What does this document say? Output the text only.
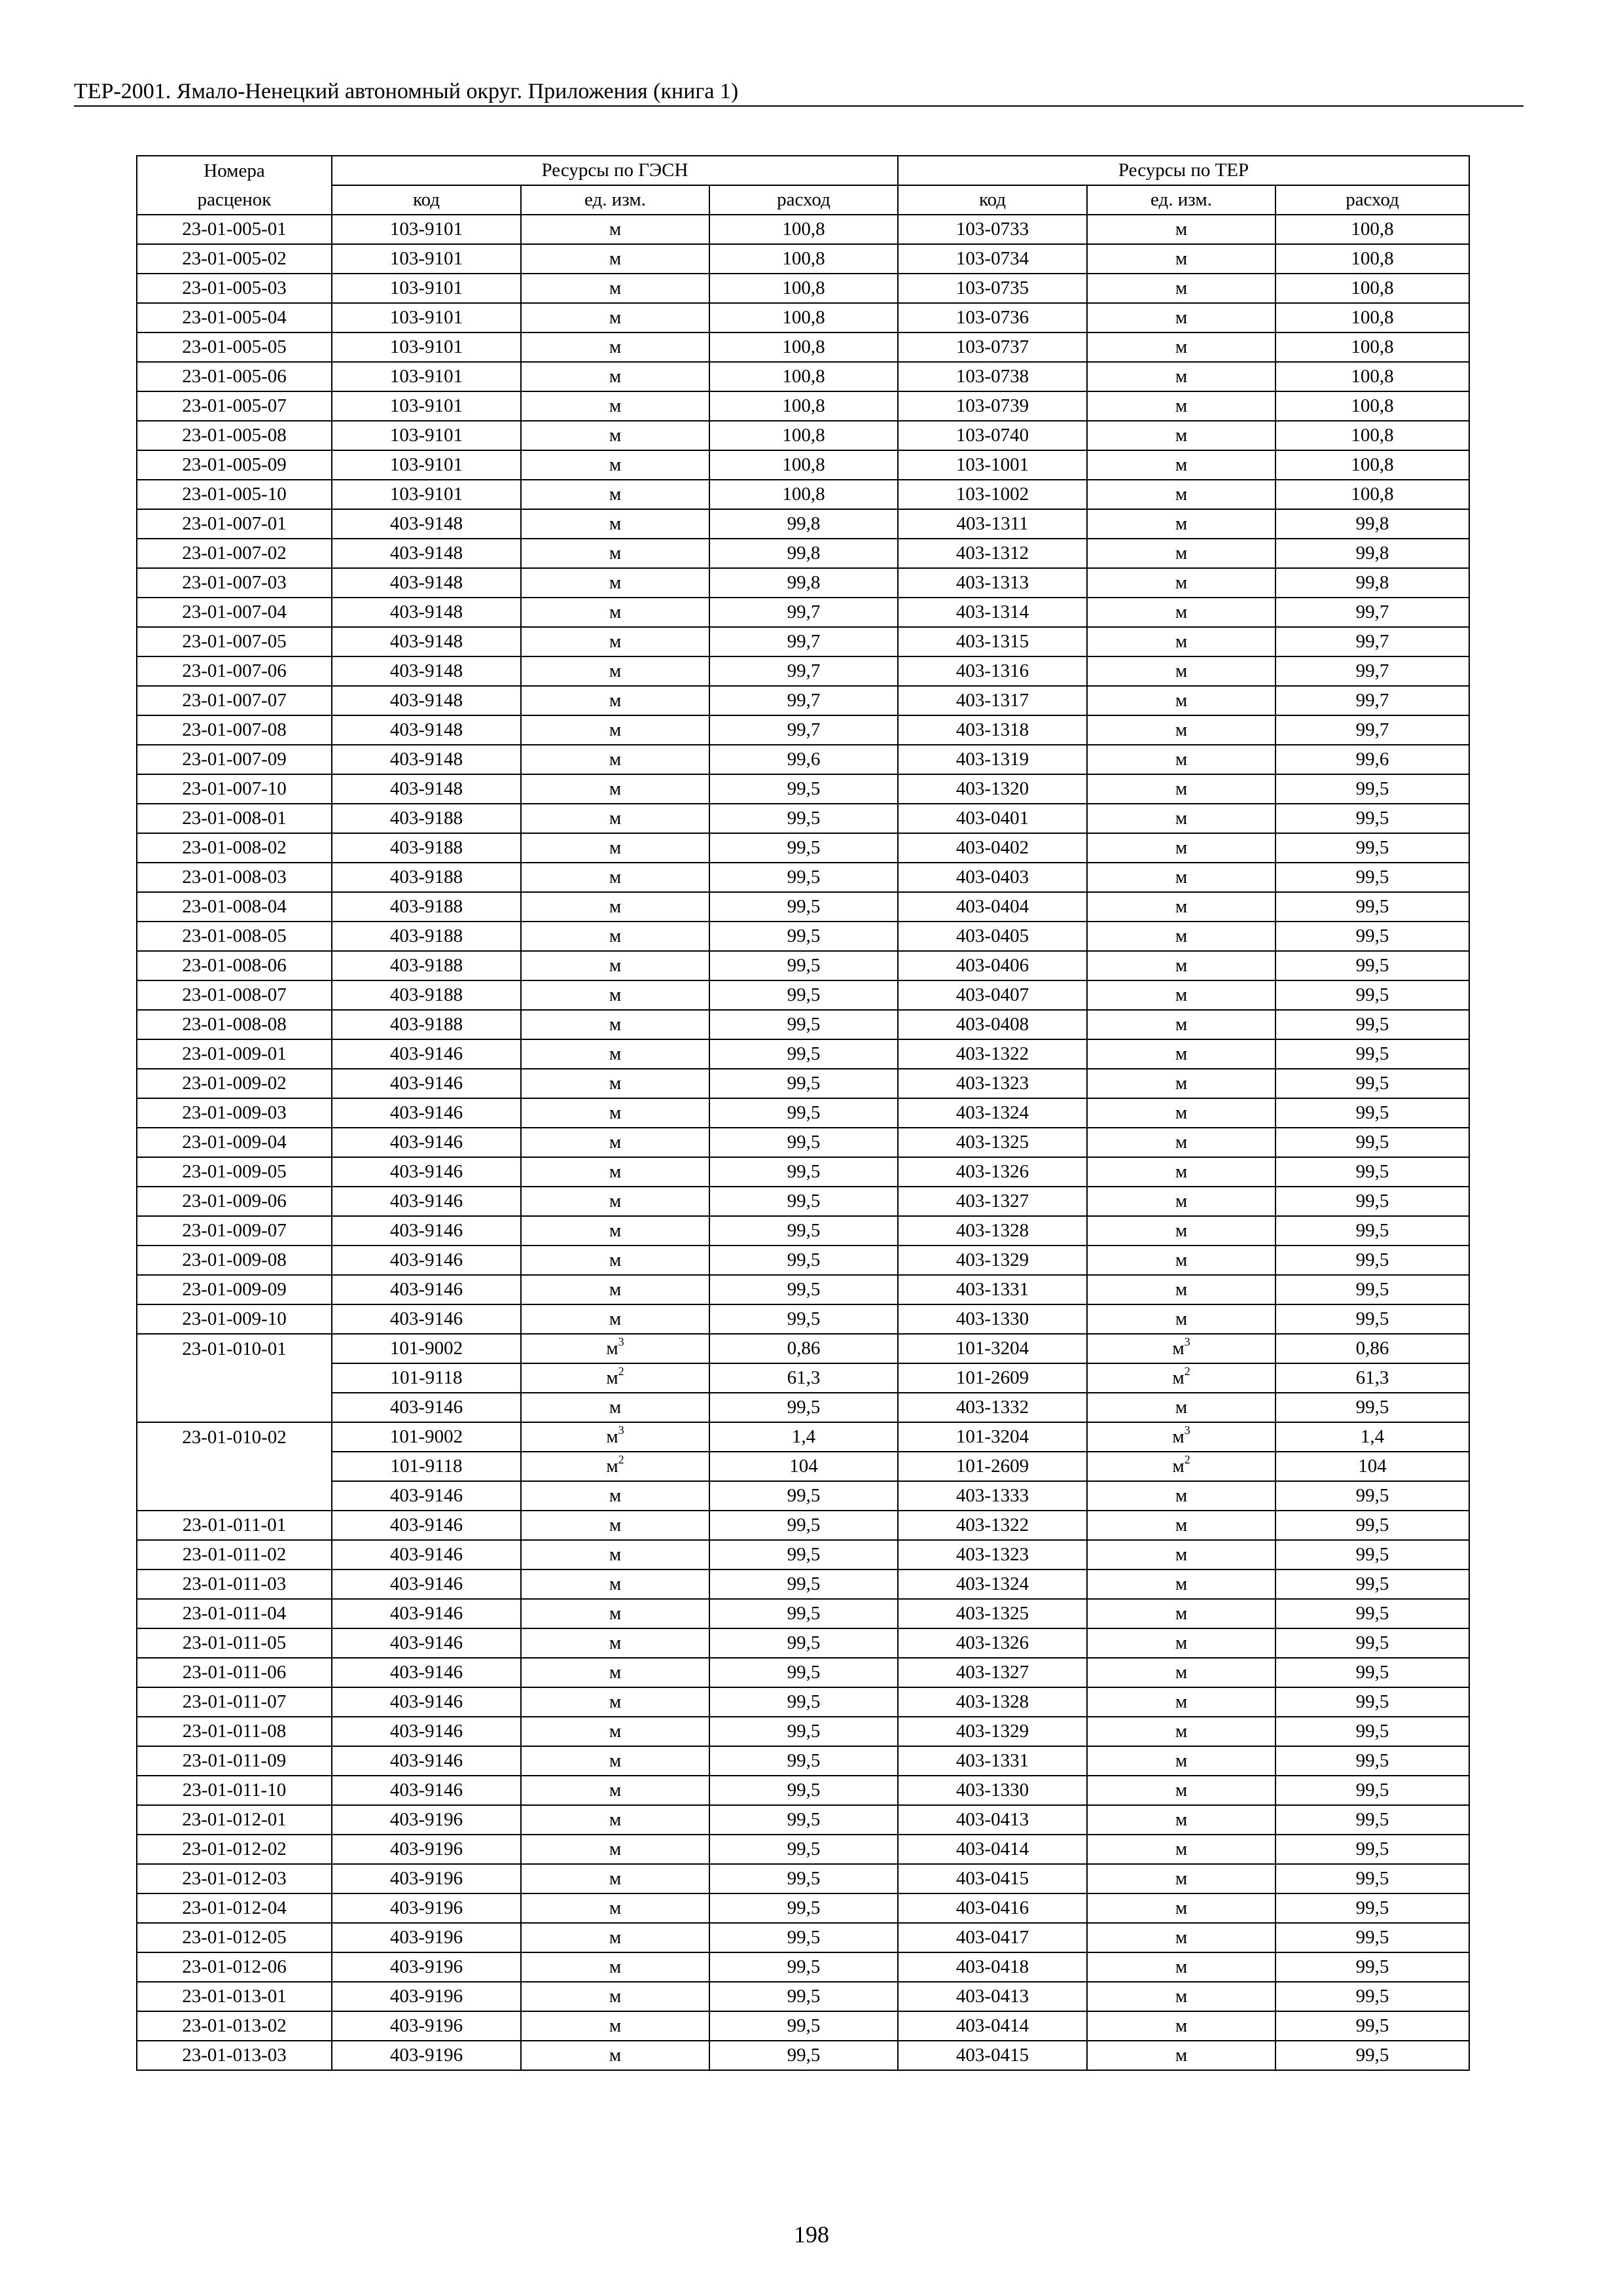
ТЕР-2001. Ямало-Ненецкий автономный округ. Приложения (книга 1)
Номера	Ресурсы по ГЭСН			Ресурсы по ТЕР		
расценок	код	ед. изм.	расход	код	ед. изм.	расход
23-01-005-01	103-9101	м	100,8	103-0733	м	100,8
23-01-005-02	103-9101	м	100,8	103-0734	м	100,8
23-01-005-03	103-9101	м	100,8	103-0735	м	100,8
23-01-005-04	103-9101	м	100,8	103-0736	м	100,8
23-01-005-05	103-9101	м	100,8	103-0737	м	100,8
23-01-005-06	103-9101	м	100,8	103-0738	м	100,8
23-01-005-07	103-9101	м	100,8	103-0739	м	100,8
23-01-005-08	103-9101	м	100,8	103-0740	м	100,8
23-01-005-09	103-9101	м	100,8	103-1001	м	100,8
23-01-005-10	103-9101	м	100,8	103-1002	м	100,8
23-01-007-01	403-9148	м	99,8	403-1311	м	99,8
23-01-007-02	403-9148	м	99,8	403-1312	м	99,8
23-01-007-03	403-9148	м	99,8	403-1313	м	99,8
23-01-007-04	403-9148	м	99,7	403-1314	м	99,7
23-01-007-05	403-9148	м	99,7	403-1315	м	99,7
23-01-007-06	403-9148	м	99,7	403-1316	м	99,7
23-01-007-07	403-9148	м	99,7	403-1317	м	99,7
23-01-007-08	403-9148	м	99,7	403-1318	м	99,7
23-01-007-09	403-9148	м	99,6	403-1319	м	99,6
23-01-007-10	403-9148	м	99,5	403-1320	м	99,5
23-01-008-01	403-9188	м	99,5	403-0401	м	99,5
23-01-008-02	403-9188	м	99,5	403-0402	м	99,5
23-01-008-03	403-9188	м	99,5	403-0403	м	99,5
23-01-008-04	403-9188	м	99,5	403-0404	м	99,5
23-01-008-05	403-9188	м	99,5	403-0405	м	99,5
23-01-008-06	403-9188	м	99,5	403-0406	м	99,5
23-01-008-07	403-9188	м	99,5	403-0407	м	99,5
23-01-008-08	403-9188	м	99,5	403-0408	м	99,5
23-01-009-01	403-9146	м	99,5	403-1322	м	99,5
23-01-009-02	403-9146	м	99,5	403-1323	м	99,5
23-01-009-03	403-9146	м	99,5	403-1324	м	99,5
23-01-009-04	403-9146	м	99,5	403-1325	м	99,5
23-01-009-05	403-9146	м	99,5	403-1326	м	99,5
23-01-009-06	403-9146	м	99,5	403-1327	м	99,5
23-01-009-07	403-9146	м	99,5	403-1328	м	99,5
23-01-009-08	403-9146	м	99,5	403-1329	м	99,5
23-01-009-09	403-9146	м	99,5	403-1331	м	99,5
23-01-009-10	403-9146	м	99,5	403-1330	м	99,5
23-01-010-01	101-9002	$м^3$	0,86	101-3204	$м^3$	0,86
	101-9118	$м^2$	61,3	101-2609	$м^2$	61,3
	403-9146	м	99,5	403-1332	м	99,5
23-01-010-02	101-9002	$м^3$	1,4	101-3204	$м^3$	1,4
	101-9118	$м^2$	104	101-2609	$м^2$	104
	403-9146	м	99,5	403-1333	м	99,5
23-01-011-01	403-9146	м	99,5	403-1322	м	99,5
23-01-011-02	403-9146	м	99,5	403-1323	м	99,5
23-01-011-03	403-9146	м	99,5	403-1324	м	99,5
23-01-011-04	403-9146	м	99,5	403-1325	м	99,5
23-01-011-05	403-9146	м	99,5	403-1326	м	99,5
23-01-011-06	403-9146	м	99,5	403-1327	м	99,5
23-01-011-07	403-9146	м	99,5	403-1328	м	99,5
23-01-011-08	403-9146	м	99,5	403-1329	м	99,5
23-01-011-09	403-9146	м	99,5	403-1331	м	99,5
23-01-011-10	403-9146	м	99,5	403-1330	м	99,5
23-01-012-01	403-9196	м	99,5	403-0413	м	99,5
23-01-012-02	403-9196	м	99,5	403-0414	м	99,5
23-01-012-03	403-9196	м	99,5	403-0415	м	99,5
23-01-012-04	403-9196	м	99,5	403-0416	м	99,5
23-01-012-05	403-9196	м	99,5	403-0417	м	99,5
23-01-012-06	403-9196	м	99,5	403-0418	м	99,5
23-01-013-01	403-9196	м	99,5	403-0413	м	99,5
23-01-013-02	403-9196	м	99,5	403-0414	м	99,5
23-01-013-03	403-9196	м	99,5	403-0415	м	99,5
198
